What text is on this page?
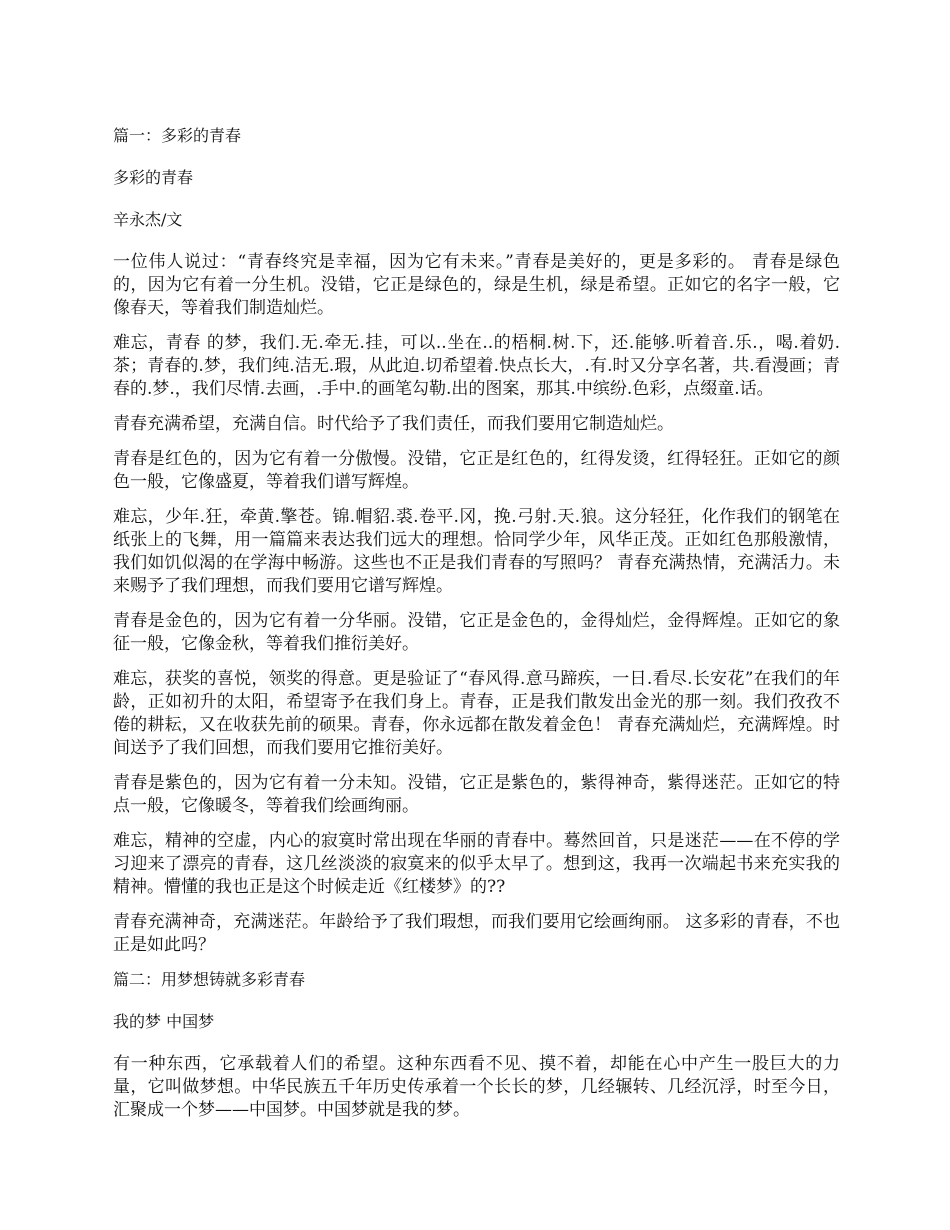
篇一：多彩的青春

多彩的青春

辛永杰/文

一位伟人说过：“青春终究是幸福，因为它有未来。”青春是美好的，更是多彩的。 青春是绿色的，因为它有着一分生机。没错，它正是绿色的，绿是生机，绿是希望。正如它的名字一般，它像春天，等着我们制造灿烂。

难忘，青春 的梦，我们.无.牵无.挂，可以..坐在..的梧桐.树.下，还.能够.听着音.乐.，喝.着奶.茶；青春的.梦，我们纯.洁无.瑕，从此迫.切希望着.快点长大，.有.时又分享名著，共.看漫画；青春的.梦.，我们尽情.去画，.手中.的画笔勾勒.出的图案，那其.中缤纷.色彩，点缀童.话。

青春充满希望，充满自信。时代给予了我们责任，而我们要用它制造灿烂。

青春是红色的，因为它有着一分傲慢。没错，它正是红色的，红得发烫，红得轻狂。正如它的颜色一般，它像盛夏，等着我们谱写辉煌。

难忘，少年.狂，牵黄.擎苍。锦.帽貂.裘.卷平.冈，挽.弓射.天.狼。这分轻狂，化作我们的钢笔在纸张上的飞舞，用一篇篇来表达我们远大的理想。恰同学少年，风华正茂。正如红色那般激情，我们如饥似渴的在学海中畅游。这些也不正是我们青春的写照吗？ 青春充满热情，充满活力。未来赐予了我们理想，而我们要用它谱写辉煌。

青春是金色的，因为它有着一分华丽。没错，它正是金色的，金得灿烂，金得辉煌。正如它的象征一般，它像金秋，等着我们推衍美好。

难忘，获奖的喜悦，领奖的得意。更是验证了“春风得.意马蹄疾，一日.看尽.长安花”在我们的年龄，正如初升的太阳，希望寄予在我们身上。青春，正是我们散发出金光的那一刻。我们孜孜不倦的耕耘，又在收获先前的硕果。青春，你永远都在散发着金色！ 青春充满灿烂，充满辉煌。时间送予了我们回想，而我们要用它推衍美好。

青春是紫色的，因为它有着一分未知。没错，它正是紫色的，紫得神奇，紫得迷茫。正如它的特点一般，它像暖冬，等着我们绘画绚丽。

难忘，精神的空虚，内心的寂寞时常出现在华丽的青春中。蓦然回首，只是迷茫——在不停的学习迎来了漂亮的青春，这几丝淡淡的寂寞来的似乎太早了。想到这，我再一次端起书来充实我的精神。懵懂的我也正是这个时候走近《红楼梦》的??

青春充满神奇，充满迷茫。年龄给予了我们瑕想，而我们要用它绘画绚丽。 这多彩的青春，不也正是如此吗？

篇二：用梦想铸就多彩青春

我的梦 中国梦

有一种东西，它承载着人们的希望。这种东西看不见、摸不着，却能在心中产生一股巨大的力量，它叫做梦想。中华民族五千年历史传承着一个长长的梦，几经辗转、几经沉浮，时至今日，汇聚成一个梦——中国梦。中国梦就是我的梦。
